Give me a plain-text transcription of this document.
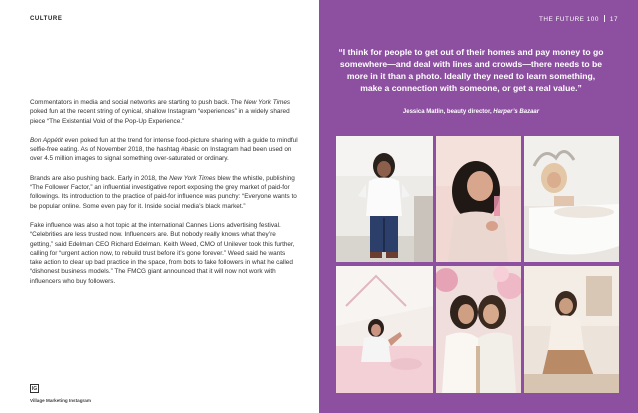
CULTURE

Commentators in media and social networks are starting to push back. The New York Times poked fun at the recent string of cynical, shallow Instagram “experiences” in a widely shared piece “The Existential Void of the Pop-Up Experience.”

Bon Appétit even poked fun at the trend for intense food-picture sharing with a guide to mindful selfie-free eating. As of November 2018, the hashtag #basic on Instagram had been used on over 4.5 million images to signal something over-saturated or ordinary.

Brands are also pushing back. Early in 2018, the New York Times blew the whistle, publishing “The Follower Factor,” an influential investigative report exposing the grey market of paid-for followings. Its introduction to the practice of paid-for influence was punchy: “Everyone wants to be popular online. Some even pay for it. Inside social media’s black market.”

Fake influence was also a hot topic at the international Cannes Lions advertising festival. “Celebrities are less trusted now. Influencers are. But nobody really knows what they’re getting,” said Edelman CEO Richard Edelman. Keith Weed, CMO of Unilever took this further, calling for “urgent action now, to rebuild trust before it’s gone forever.” Weed said he wants take action to clear up bad practice in the space, from bots to fake followers in what he called “dishonest business models.” The FMCG giant announced that it will now not work with influencers who buy followers.

IG
Village Marketing Instagram
THE FUTURE 100 17
“I think for people to get out of their homes and pay money to go somewhere—and deal with lines and crowds—there needs to be more in it than a photo. Ideally they need to learn something, make a connection with someone, or get a real value.”
Jessica Matlin, beauty director, Harper’s Bazaar
